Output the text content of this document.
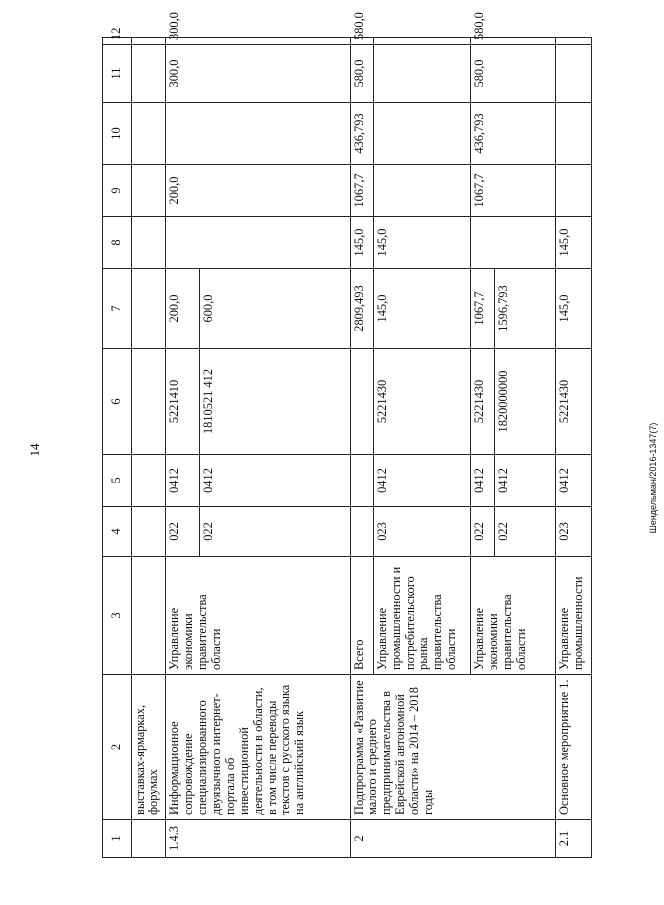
14	Шендельман/2016-1347(7)
1	2	3	4	5	6	7	8	9	10	11	12
	выставках-ярмарках, форумах										
1.4.3	Информационное сопровождение специализированного двуязычного интернет-портала об инвестиционной деятельности в области, в том числе переводы текстов с русского языка на английский язык	Управление экономики правительства области	022	0412	5221410	200,0		200,0		300,0	300,0
			022	0412	1810521 412	600,0					
2	Подпрограмма «Развитие малого и среднего предпринимательства в Еврейской автономной области» на 2014 – 2018 годы	Всего				2809,493	145,0	1067,7	436,793	580,0	580,0
		Управление промышленности и потребительского рынка правительства области	023	0412	5221430	145,0	145,0				
		Управление экономики правительства области	022	0412	5221430	1067,7		1067,7	436,793	580,0	580,0
			022	0412	1820000000	1596,793					
2.1	Основное мероприятие 1.	Управление промышленности	023	0412	5221430	145,0	145,0				
